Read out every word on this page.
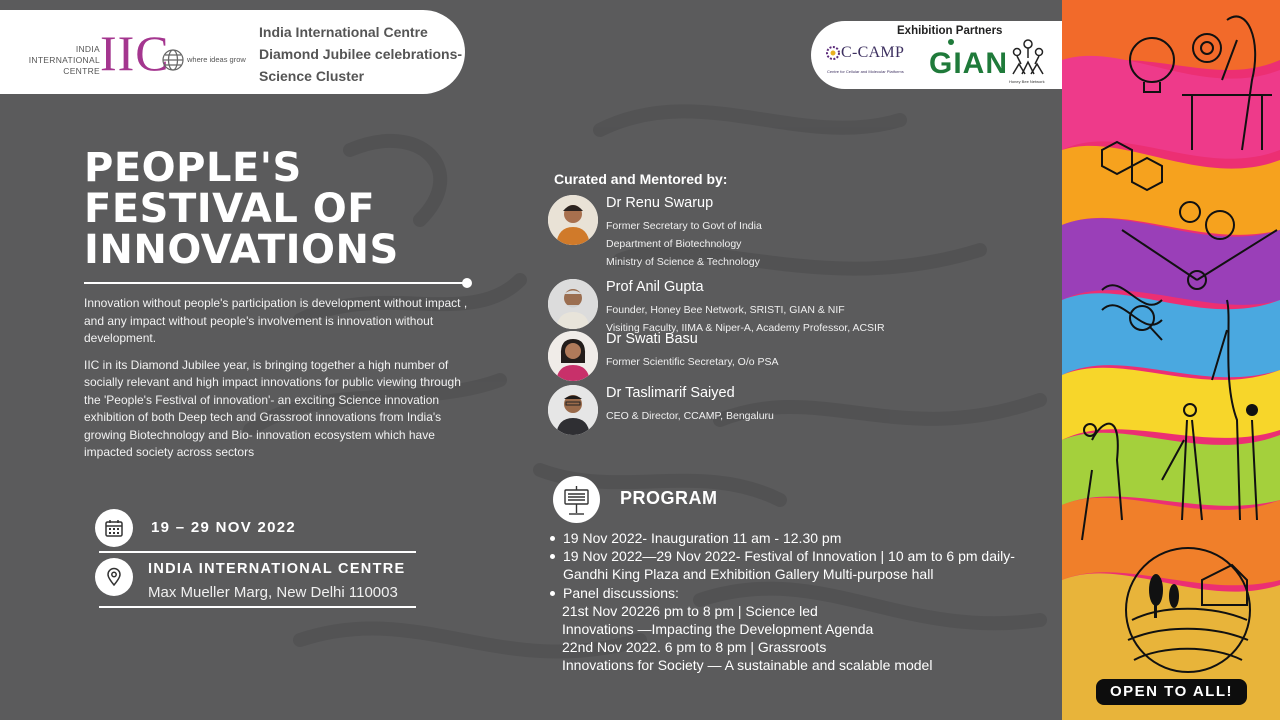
INDIA
INTERNATIONAL
CENTRE IIC where ideas grow
India International Centre
Diamond Jubilee celebrations-
Science Cluster
Exhibition Partners
C-CAMP
Centre for Cellular and Molecular Platforms GIAN
Honey Bee Network
PEOPLE'S
FESTIVAL OF
INNOVATIONS

Innovation without people's participation is development without impact , and any impact without people's involvement is innovation without development.

IIC in its Diamond Jubilee year, is bringing together a high number of socially relevant and high impact innovations for public viewing through the 'People's Festival of innovation'- an exciting Science innovation exhibition of both Deep tech and Grassroot innovations from India's growing Biotechnology and Bio- innovation ecosystem which have impacted society across sectors

19 – 29 NOV 2022
INDIA INTERNATIONAL CENTRE
Max Mueller Marg, New Delhi 110003
Curated and Mentored by:
Dr Renu Swarup
Former Secretary to Govt of India
Department of Biotechnology
Ministry of Science & Technology
Prof Anil Gupta
Founder, Honey Bee Network, SRISTI, GIAN & NIF
Visiting Faculty, IIMA & Niper-A, Academy Professor, ACSIR
Dr Swati Basu
Former Scientific Secretary, O/o PSA
Dr Taslimarif Saiyed
CEO & Director, CCAMP, Bengaluru
PROGRAM
19 Nov 2022- Inauguration 11 am - 12.30 pm
19 Nov 2022—29 Nov 2022- Festival of Innovation | 10 am to 6 pm daily-
Gandhi King Plaza and Exhibition Gallery Multi-purpose hall
Panel discussions:
21st Nov 20226 pm to 8 pm | Science led
Innovations —Impacting the Development Agenda
22nd Nov 2022. 6 pm to 8 pm | Grassroots
Innovations for Society — A sustainable and scalable model
OPEN TO ALL!
